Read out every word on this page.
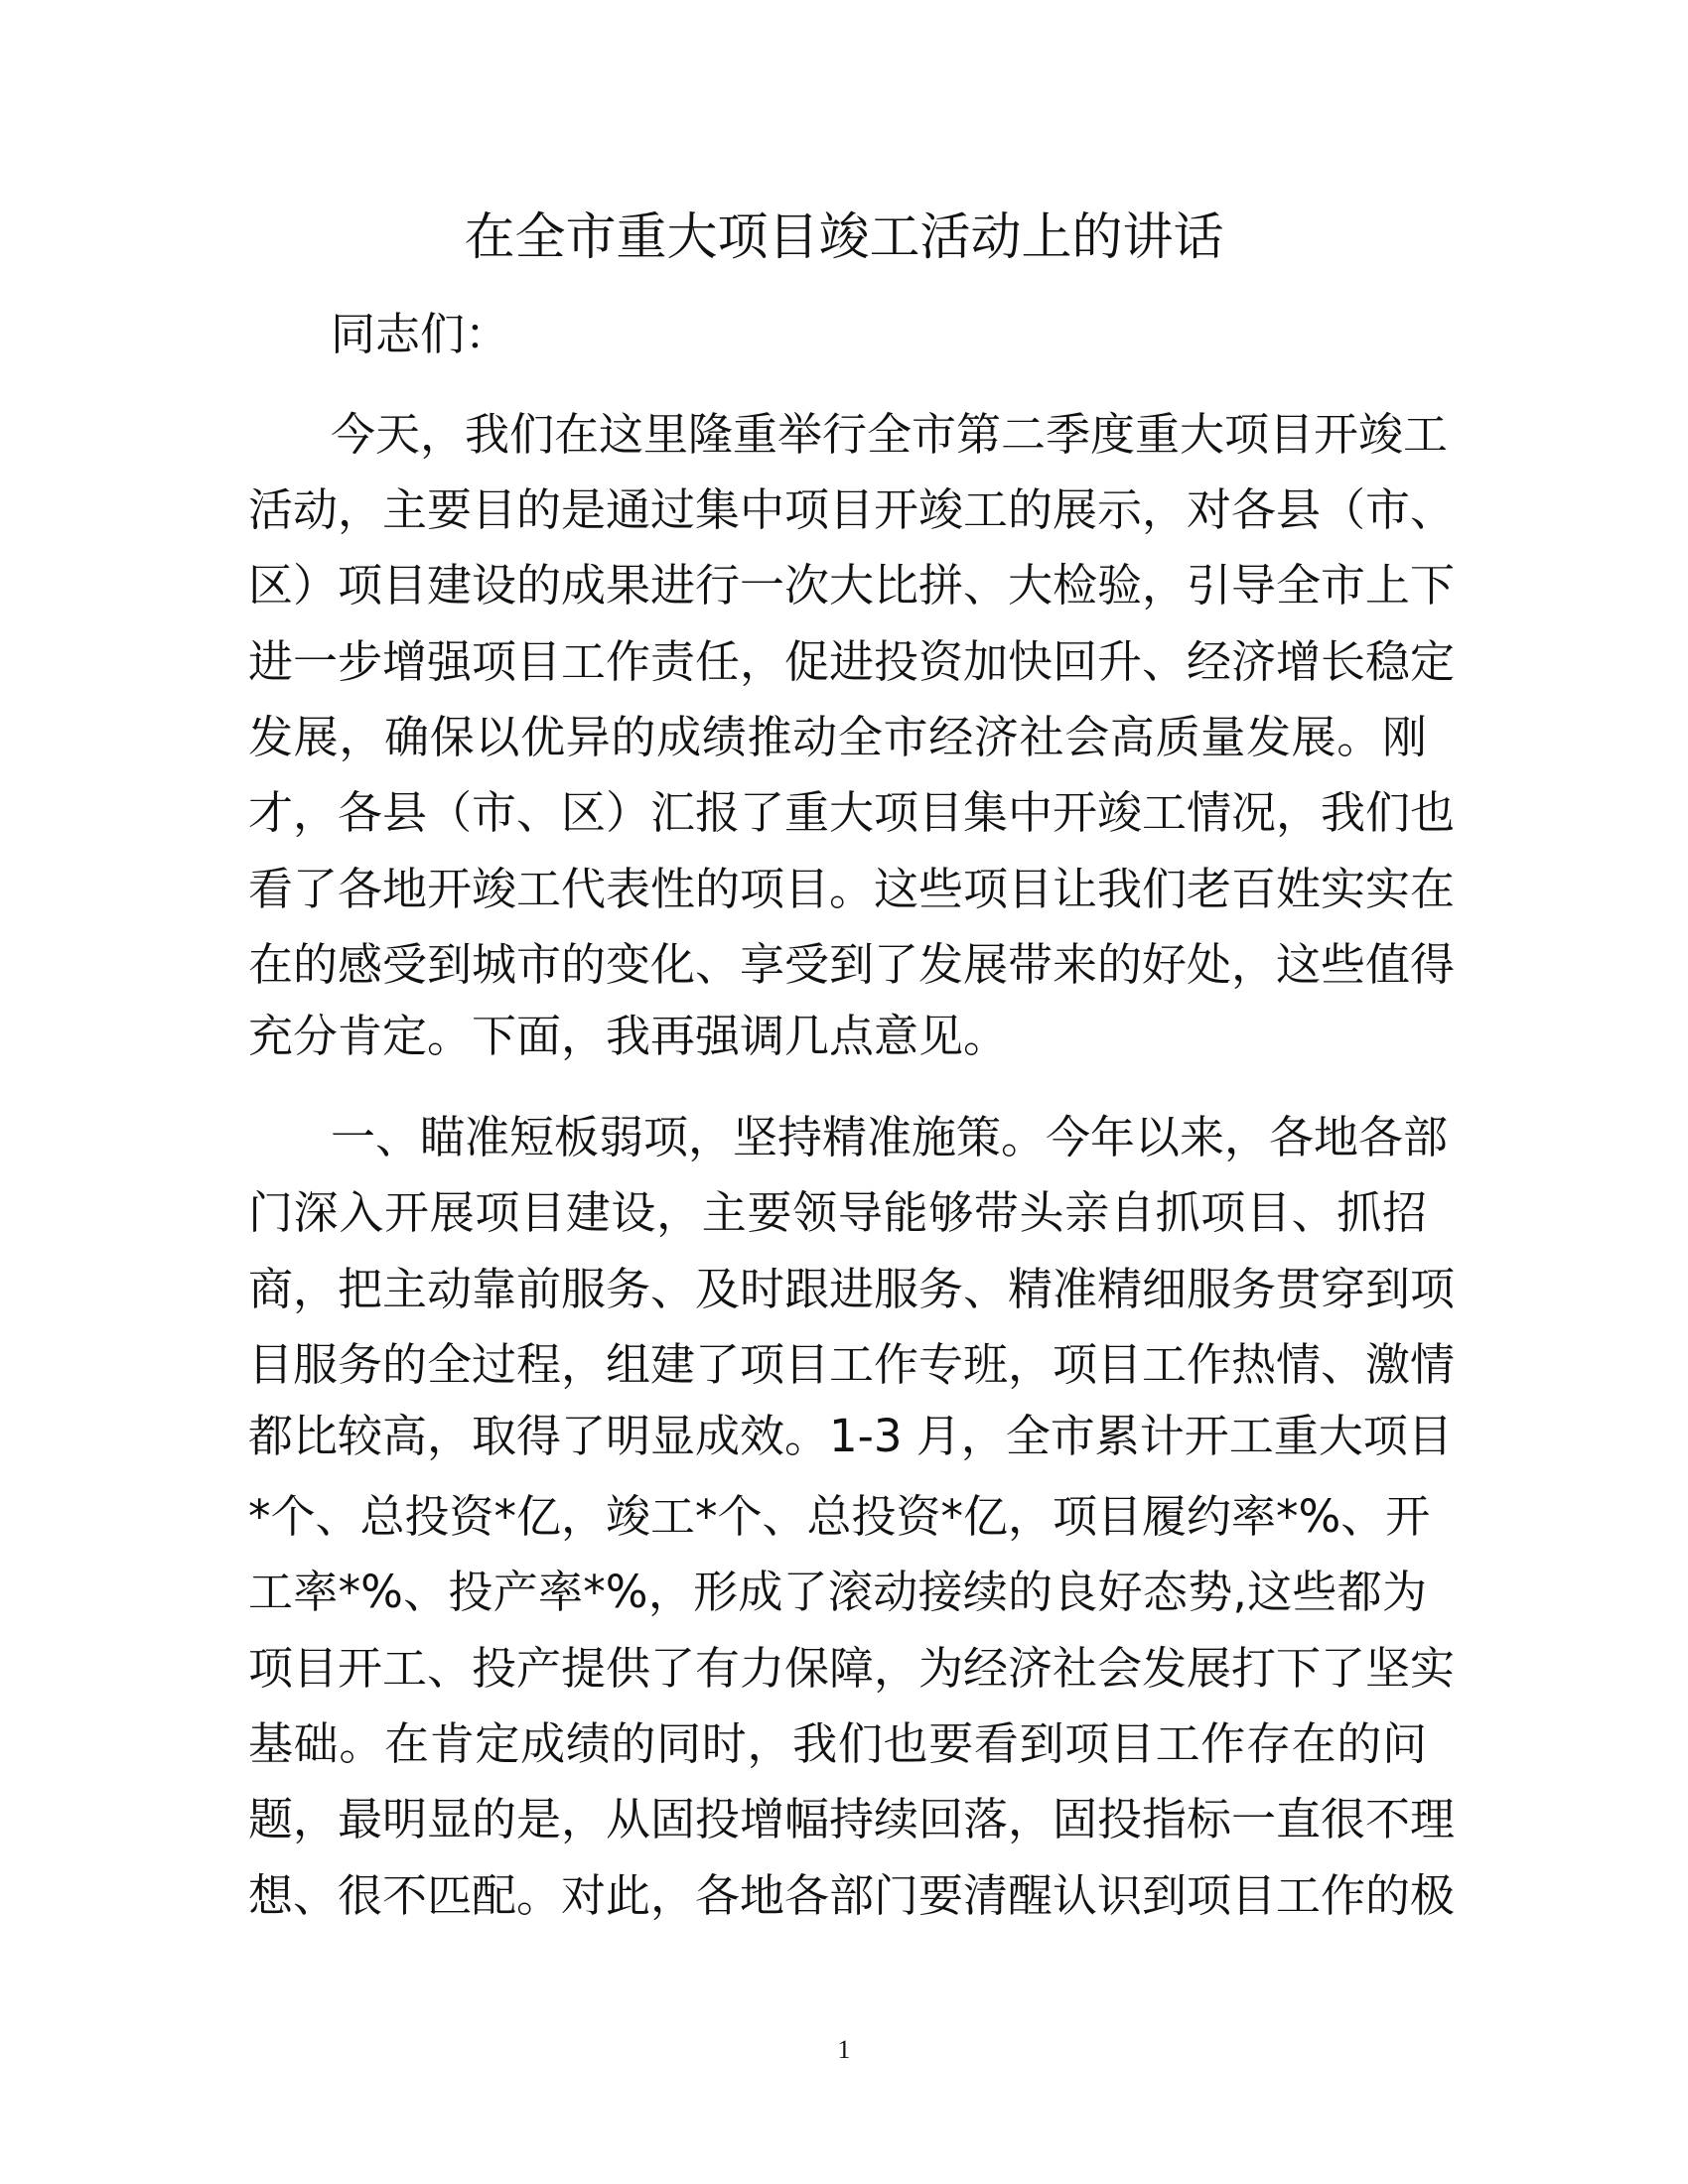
在全市重大项目竣工活动上的讲话
同志们：
今天，我们在这里隆重举行全市第二季度重大项目开竣工
活动，主要目的是通过集中项目开竣工的展示，对各县（市、
区）项目建设的成果进行一次大比拼、大检验，引导全市上下
进一步增强项目工作责任，促进投资加快回升、经济增长稳定
发展，确保以优异的成绩推动全市经济社会高质量发展。刚
才，各县（市、区）汇报了重大项目集中开竣工情况，我们也
看了各地开竣工代表性的项目。这些项目让我们老百姓实实在
在的感受到城市的变化、享受到了发展带来的好处，这些值得
充分肯定。下面，我再强调几点意见。
一、瞄准短板弱项，坚持精准施策。今年以来，各地各部
门深入开展项目建设，主要领导能够带头亲自抓项目、抓招
商，把主动靠前服务、及时跟进服务、精准精细服务贯穿到项
目服务的全过程，组建了项目工作专班，项目工作热情、激情
都比较高，取得了明显成效。1-3 月，全市累计开工重大项目
*个、总投资*亿，竣工*个、总投资*亿，项目履约率*%、开
工率*%、投产率*%，形成了滚动接续的良好态势,这些都为
项目开工、投产提供了有力保障，为经济社会发展打下了坚实
基础。在肯定成绩的同时，我们也要看到项目工作存在的问
题，最明显的是，从固投增幅持续回落，固投指标一直很不理
想、很不匹配。对此，各地各部门要清醒认识到项目工作的极
1
